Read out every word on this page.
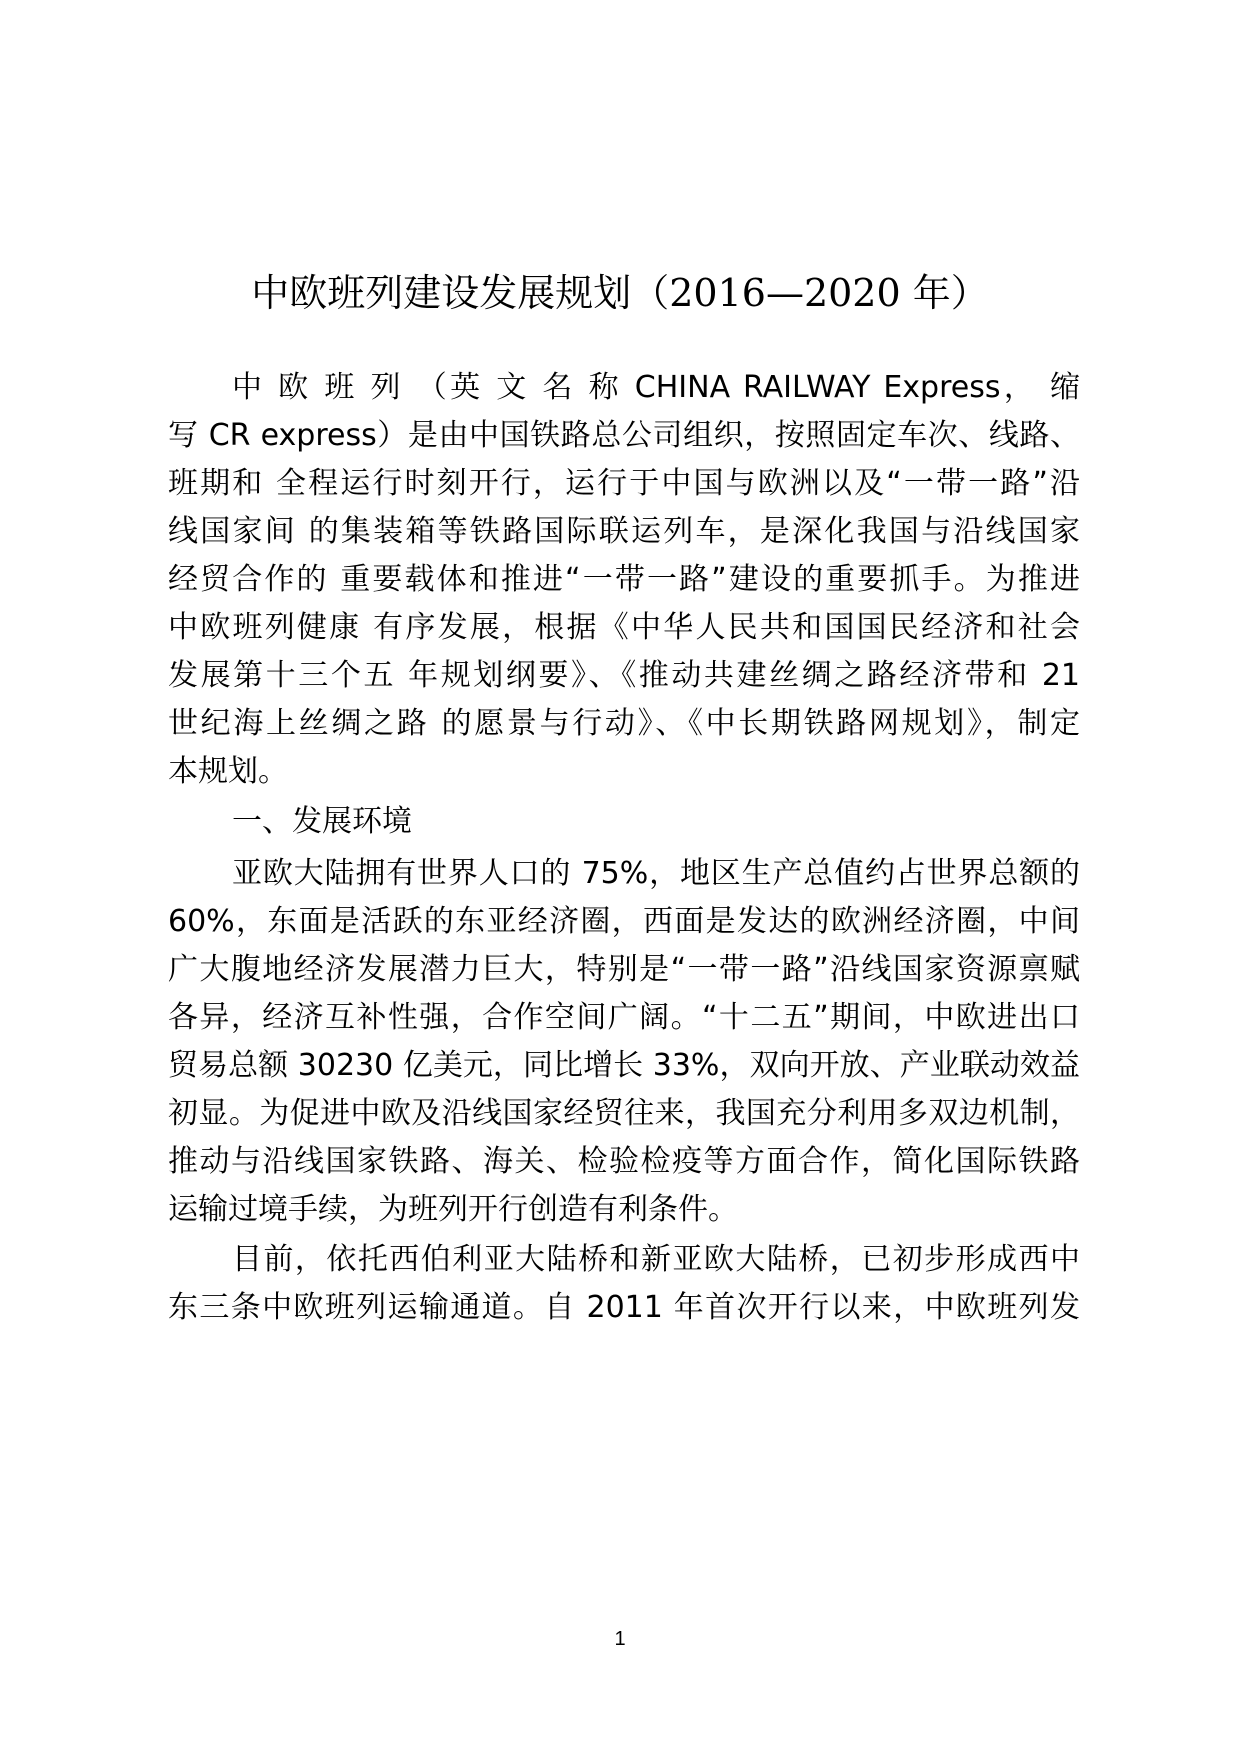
中欧班列建设发展规划（2016—2020 年）
中 欧 班 列 （英 文 名 称 CHINA RAILWAY Express， 缩
写 CR express）是由中国铁路总公司组织，按照固定车次、线路、
班期和 全程运行时刻开行，运行于中国与欧洲以及“一带一路”沿
线国家间 的集装箱等铁路国际联运列车，是深化我国与沿线国家
经贸合作的 重要载体和推进“一带一路”建设的重要抓手。为推进
中欧班列健康 有序发展，根据《中华人民共和国国民经济和社会
发展第十三个五 年规划纲要》、《推动共建丝绸之路经济带和 21
世纪海上丝绸之路 的愿景与行动》、《中长期铁路网规划》，制定
本规划。
一、发展环境
亚欧大陆拥有世界人口的 75%，地区生产总值约占世界总额的
60%，东面是活跃的东亚经济圈，西面是发达的欧洲经济圈，中间
广大腹地经济发展潜力巨大，特别是“一带一路”沿线国家资源禀赋
各异，经济互补性强，合作空间广阔。“十二五”期间，中欧进出口
贸易总额 30230 亿美元，同比增长 33%，双向开放、产业联动效益
初显。为促进中欧及沿线国家经贸往来，我国充分利用多双边机制，
推动与沿线国家铁路、海关、检验检疫等方面合作，简化国际铁路
运输过境手续，为班列开行创造有利条件。
目前，依托西伯利亚大陆桥和新亚欧大陆桥，已初步形成西中
东三条中欧班列运输通道。自 2011 年首次开行以来，中欧班列发
1
